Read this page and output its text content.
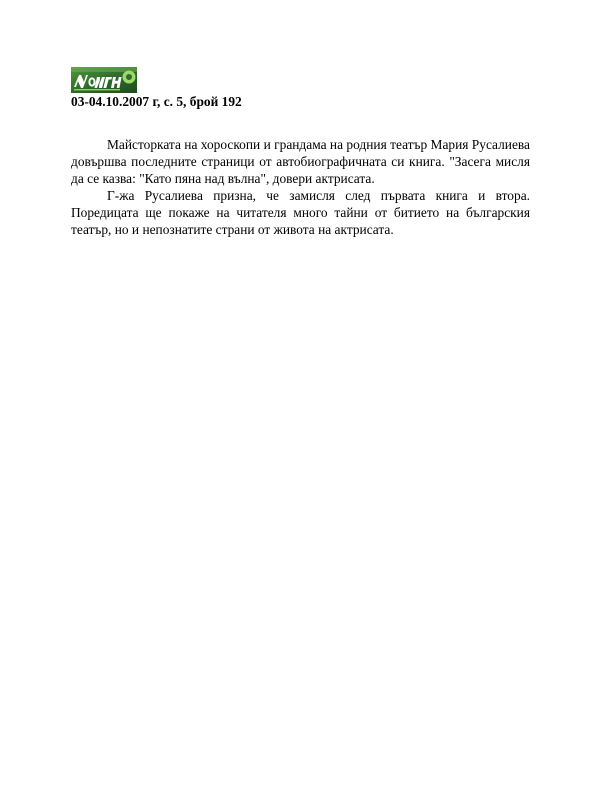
03-04.10.2007 г, с. 5, брой 192

Майсторката на хороскопи и грандама на родния театър Мария Русалиева довършва последните страници от автобиографичната си книга. "Засега мисля да се казва: "Като пяна над вълна", довери актрисата.

Г-жа Русалиева призна, че замисля след първата книга и втора. Поредицата ще покаже на читателя много тайни от битието на българския театър, но и непознатите страни от живота на актрисата.
